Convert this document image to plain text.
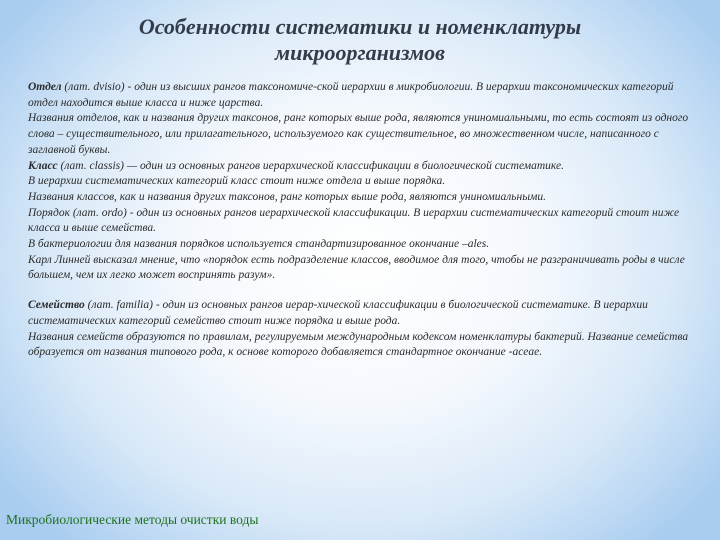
Особенности систематики и номенклатуры
микроорганизмов

Отдел (лат. dvisio) - один из высших рангов таксономиче-ской иерархии в микробиологии. В иерархии таксономических категорий отдел находится выше класса и ниже царства.

Названия отделов, как и названия других таксонов, ранг которых выше рода, являются униномиальными, то есть состоят из одного слова – существительного, или прилагательного, используемого как существительное, во множественном числе, написанного с заглавной буквы.

Класс (лат. classis) — один из основных рангов иерархической классификации в биологической систематике.

В иерархии систематических категорий класс стоит ниже отдела и выше порядка.

Названия классов, как и названия других таксонов, ранг которых выше рода, являются униномиальными.

Порядок (лат. ordo) - один из основных рангов иерархической классификации. В иерархии систематических категорий стоит ниже класса и выше семейства.

В бактериологии для названия порядков используется стандартизированное окончание –ales.

Карл Линней высказал мнение, что «порядок есть подразделение классов, вводимое для того, чтобы не разграничивать роды в числе большем, чем их легко может воспринять разум».

Семейство (лат. familia) - один из основных рангов иерар-хической классификации в биологической систематике. В иерархии систематических категорий семейство стоит ниже порядка и выше рода.

Названия семейств образуются по правилам, регулируемым международным кодексом номенклатуры бактерий. Название семейства образуется от названия типового рода, к основе которого добавляется стандартное окончание -aceae.

Микробиологические методы очистки воды
